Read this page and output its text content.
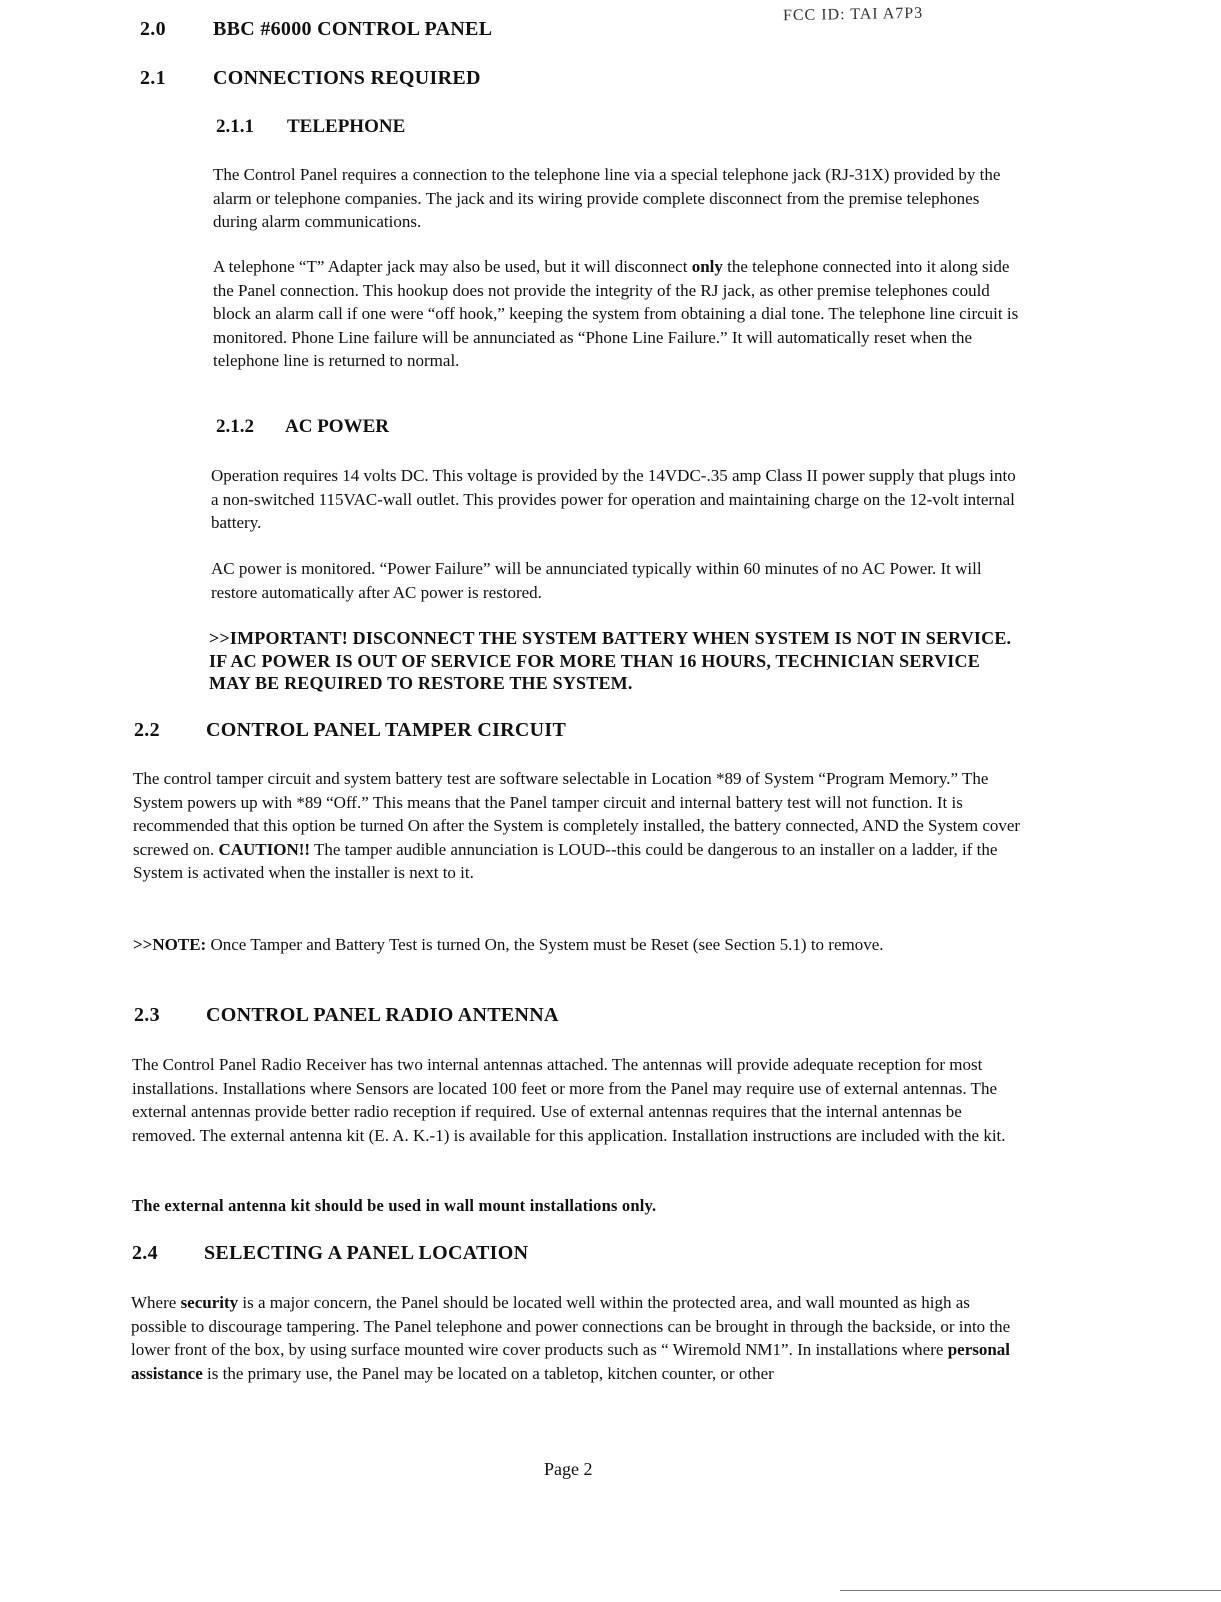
FCC ID: TAI A7P3
2.0 BBC #6000 CONTROL PANEL
2.1 CONNECTIONS REQUIRED
2.1.1 TELEPHONE
The Control Panel requires a connection to the telephone line via a special telephone jack (RJ-31X) provided by the alarm or telephone companies. The jack and its wiring provide complete disconnect from the premise telephones during alarm communications.
A telephone “T” Adapter jack may also be used, but it will disconnect only the telephone connected into it along side the Panel connection. This hookup does not provide the integrity of the RJ jack, as other premise telephones could block an alarm call if one were “off hook,” keeping the system from obtaining a dial tone. The telephone line circuit is monitored. Phone Line failure will be annunciated as “Phone Line Failure.” It will automatically reset when the telephone line is returned to normal.
2.1.2 AC POWER
Operation requires 14 volts DC. This voltage is provided by the 14VDC-.35 amp Class II power supply that plugs into a non-switched 115VAC-wall outlet. This provides power for operation and maintaining charge on the 12-volt internal battery.
AC power is monitored. “Power Failure” will be annunciated typically within 60 minutes of no AC Power. It will restore automatically after AC power is restored.
>>IMPORTANT! DISCONNECT THE SYSTEM BATTERY WHEN SYSTEM IS NOT IN SERVICE. IF AC POWER IS OUT OF SERVICE FOR MORE THAN 16 HOURS, TECHNICIAN SERVICE MAY BE REQUIRED TO RESTORE THE SYSTEM.
2.2 CONTROL PANEL TAMPER CIRCUIT
The control tamper circuit and system battery test are software selectable in Location *89 of System “Program Memory.” The System powers up with *89 “Off.” This means that the Panel tamper circuit and internal battery test will not function. It is recommended that this option be turned On after the System is completely installed, the battery connected, AND the System cover screwed on. CAUTION!! The tamper audible annunciation is LOUD--this could be dangerous to an installer on a ladder, if the System is activated when the installer is next to it.
>>NOTE: Once Tamper and Battery Test is turned On, the System must be Reset (see Section 5.1) to remove.
2.3 CONTROL PANEL RADIO ANTENNA
The Control Panel Radio Receiver has two internal antennas attached. The antennas will provide adequate reception for most installations. Installations where Sensors are located 100 feet or more from the Panel may require use of external antennas. The external antennas provide better radio reception if required. Use of external antennas requires that the internal antennas be removed. The external antenna kit (E. A. K.-1) is available for this application. Installation instructions are included with the kit.
The external antenna kit should be used in wall mount installations only.
2.4 SELECTING A PANEL LOCATION
Where security is a major concern, the Panel should be located well within the protected area, and wall mounted as high as possible to discourage tampering. The Panel telephone and power connections can be brought in through the backside, or into the lower front of the box, by using surface mounted wire cover products such as “ Wiremold NM1”. In installations where personal assistance is the primary use, the Panel may be located on a tabletop, kitchen counter, or other
Page 2
